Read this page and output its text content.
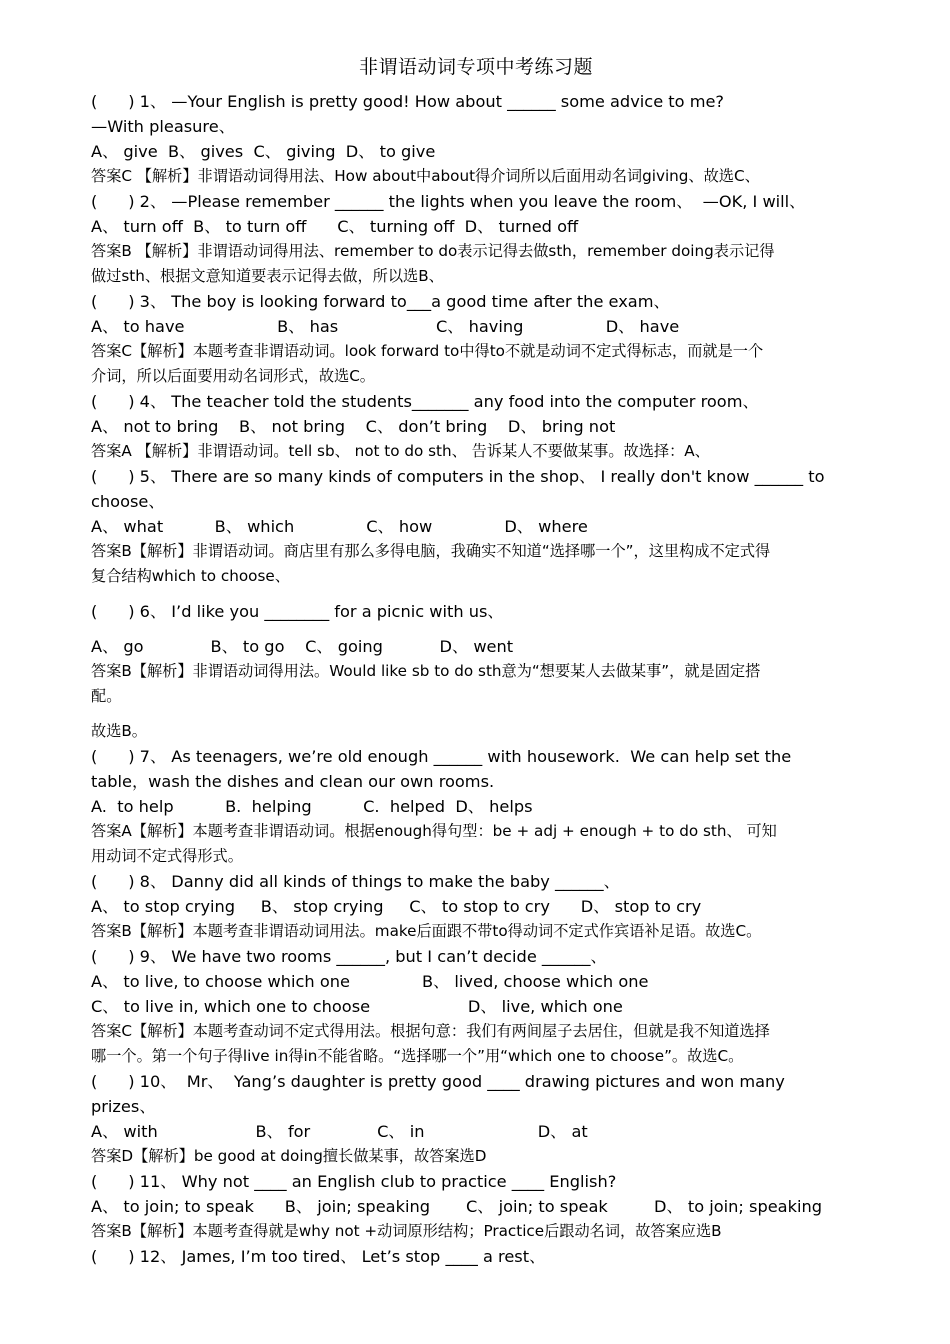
非谓语动词专项中考练习题
(      ) 1、 —Your English is pretty good! How about ______ some advice to me?
—With pleasure、
A、 give  B、 gives  C、 giving  D、 to give
答案C 【解析】非谓语动词得用法、How about中about得介词所以后面用动名词giving、故选C、
(      ) 2、 —Please remember ______ the lights when you leave the room、  —OK, I will、
A、 turn off  B、 to turn off      C、 turning off  D、 turned off
答案B 【解析】非谓语动词得用法、remember to do表示记得去做sth，remember doing表示记得
做过sth、根据文意知道要表示记得去做，所以选B、
(      ) 3、 The boy is looking forward to___a good time after the exam、
A、 to have                  B、 has                   C、 having                D、 have
答案C【解析】本题考查非谓语动词。look forward to中得to不就是动词不定式得标志，而就是一个
介词，所以后面要用动名词形式，故选C。
(      ) 4、 The teacher told the students_______ any food into the computer room、
A、 not to bring    B、 not bring    C、 don’t bring    D、 bring not
答案A 【解析】非谓语动词。tell sb、 not to do sth、 告诉某人不要做某事。故选择：A、
(      ) 5、 There are so many kinds of computers in the shop、 I really don't know ______ to
choose、
A、 what          B、 which              C、 how              D、 where
答案B【解析】非谓语动词。商店里有那么多得电脑，我确实不知道“选择哪一个”，这里构成不定式得
复合结构which to choose、
(      ) 6、 I’d like you ________ for a picnic with us、
A、 go             B、 to go    C、 going           D、 went
答案B【解析】非谓语动词得用法。Would like sb to do sth意为“想要某人去做某事”，就是固定搭
配。
故选B。
(      ) 7、 As teenagers, we’re old enough ______ with housework.  We can help set the
table，wash the dishes and clean our own rooms.
A.  to help          B.  helping          C.  helped  D、 helps
答案A【解析】本题考查非谓语动词。根据enough得句型：be + adj + enough + to do sth、 可知
用动词不定式得形式。
(      ) 8、 Danny did all kinds of things to make the baby ______、
A、 to stop crying     B、 stop crying     C、 to stop to cry      D、 stop to cry
答案B【解析】本题考查非谓语动词用法。make后面跟不带to得动词不定式作宾语补足语。故选C。
(      ) 9、 We have two rooms ______, but I can’t decide ______、
A、 to live, to choose which one              B、 lived, choose which one
C、 to live in, which one to choose                   D、 live, which one
答案C【解析】本题考查动词不定式得用法。根据句意：我们有两间屋子去居住，但就是我不知道选择
哪一个。第一个句子得live in得in不能省略。“选择哪一个”用“which one to choose”。故选C。
(      ) 10、  Mr、  Yang’s daughter is pretty good ____ drawing pictures and won many
prizes、
A、 with                   B、 for             C、 in                      D、 at
答案D【解析】be good at doing擅长做某事，故答案选D
(      ) 11、 Why not ____ an English club to practice ____ English?
A、 to join; to speak      B、 join; speaking       C、 join; to speak         D、 to join; speaking
答案B【解析】本题考查得就是why not +动词原形结构；Practice后跟动名词，故答案应选B
(      ) 12、 James, I’m too tired、 Let’s stop ____ a rest、
